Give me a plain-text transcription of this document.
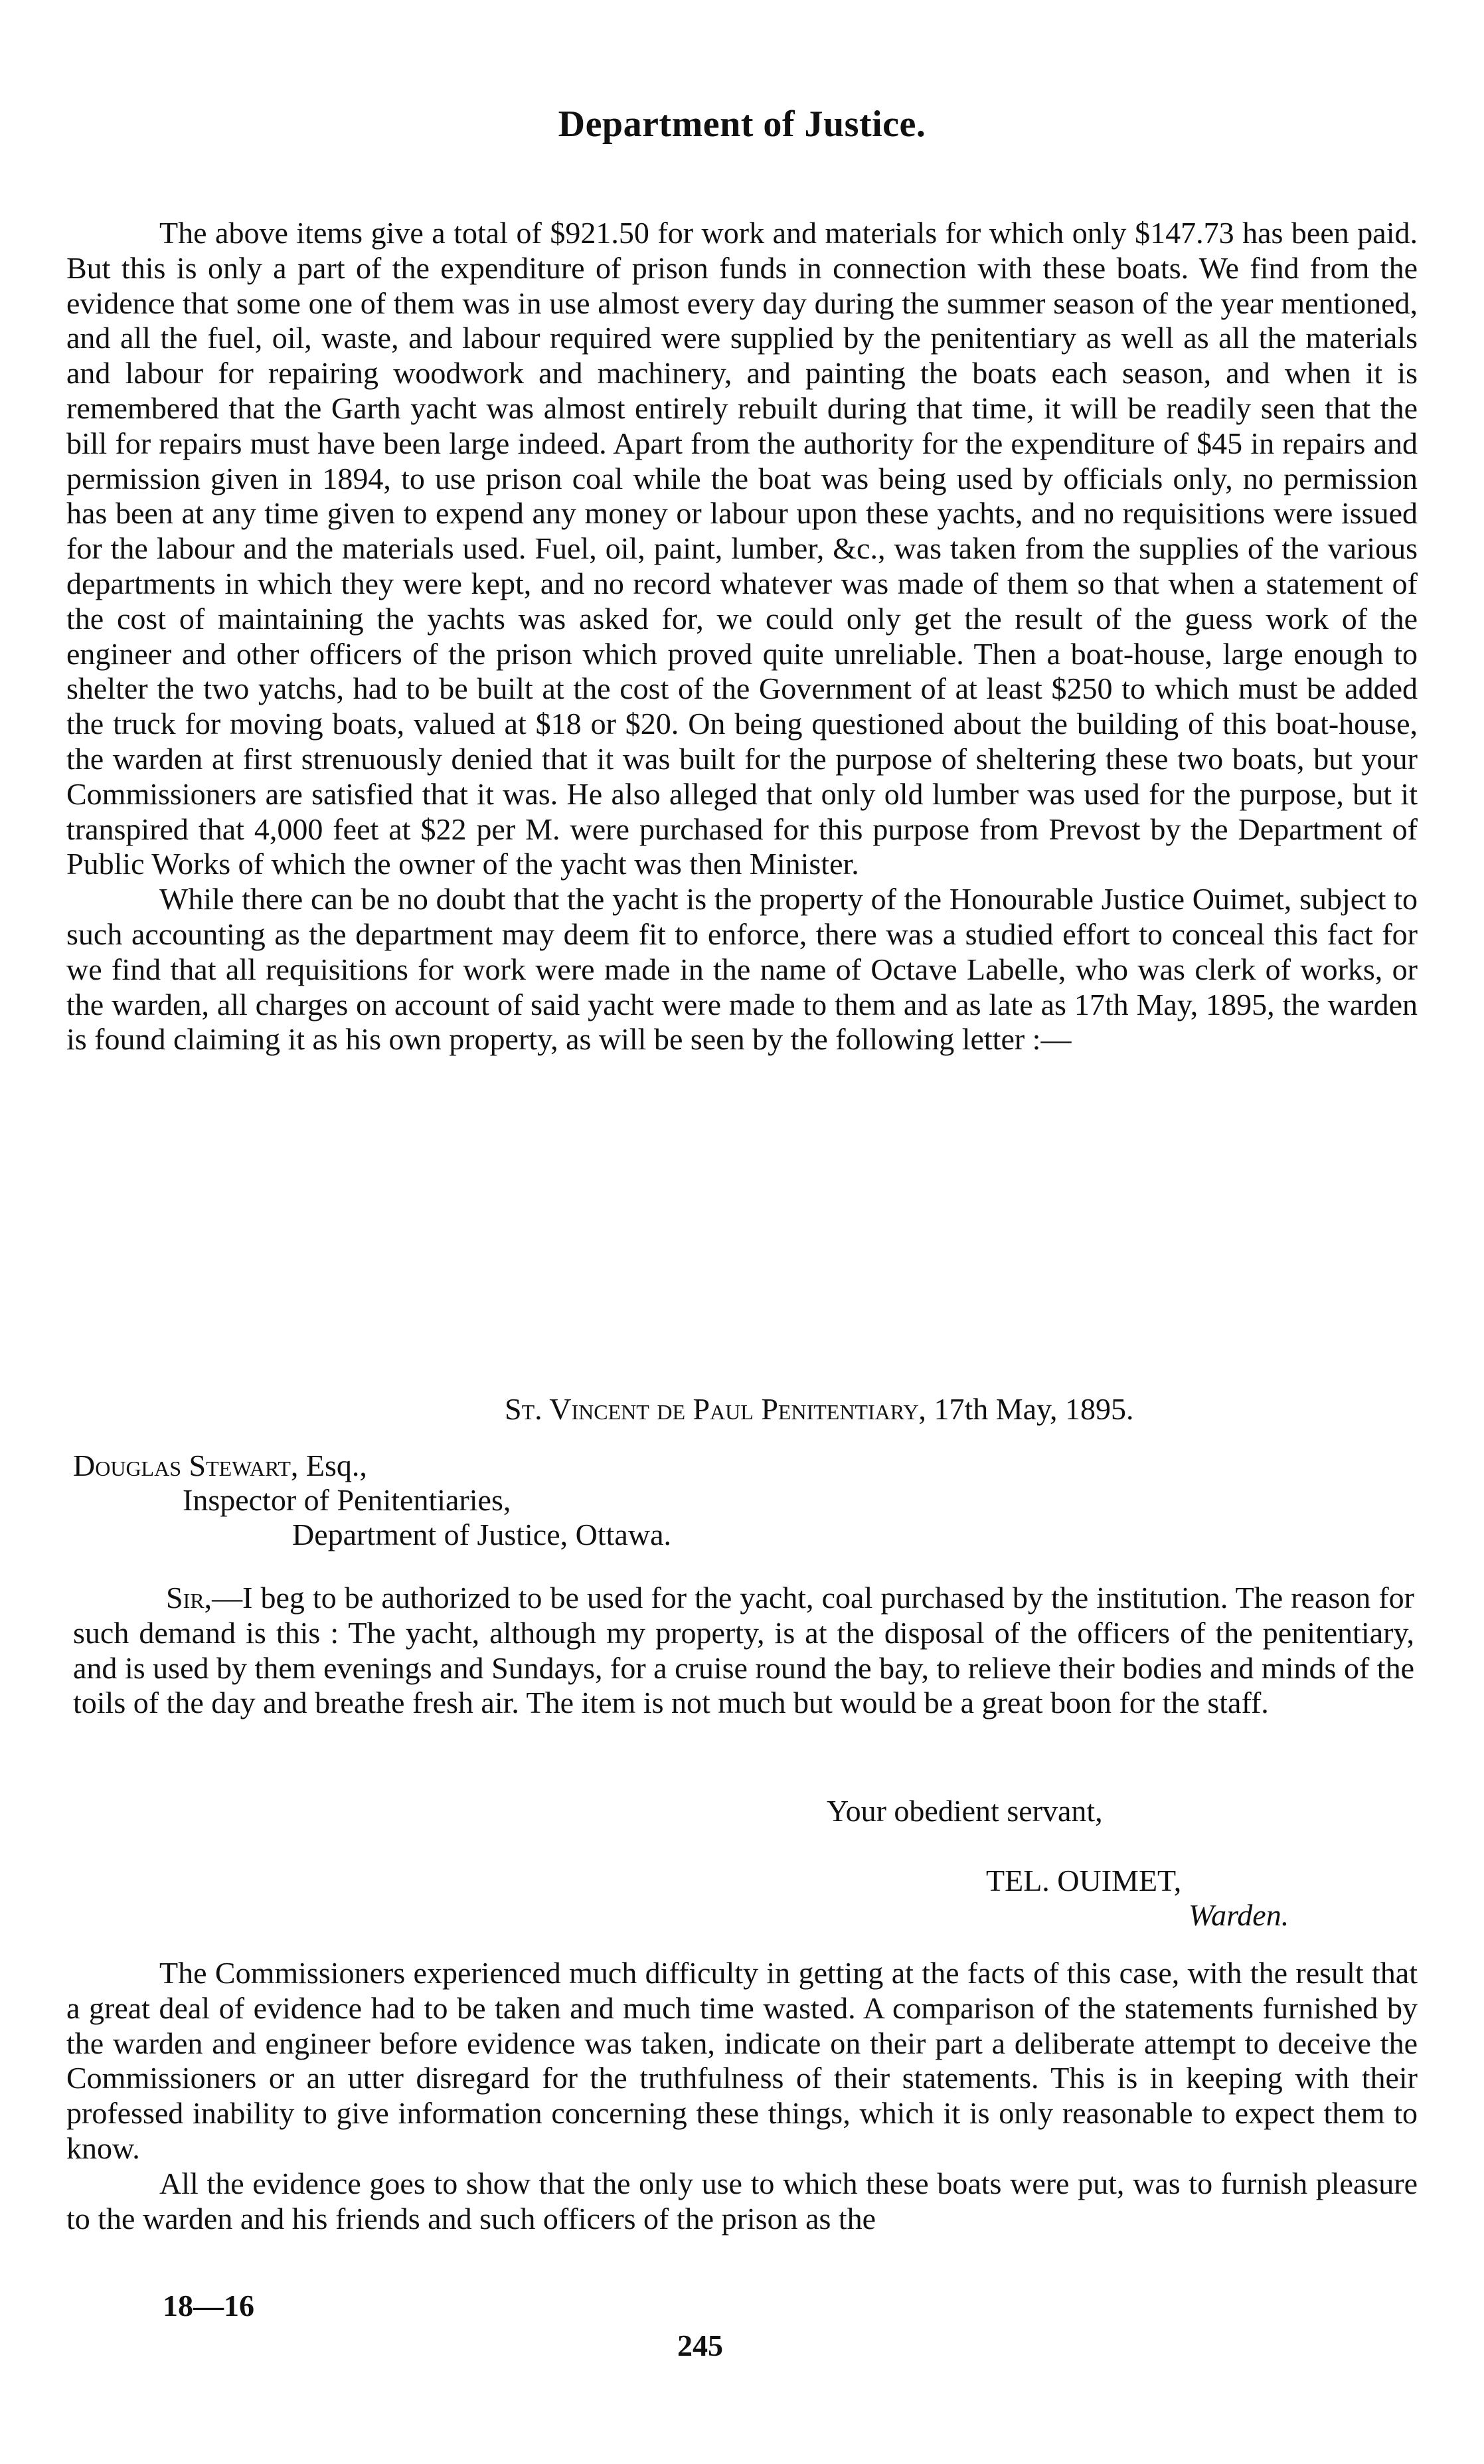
Department of Justice.

The above items give a total of $921.50 for work and materials for which only $147.73 has been paid. But this is only a part of the expenditure of prison funds in connection with these boats. We find from the evidence that some one of them was in use almost every day during the summer season of the year mentioned, and all the fuel, oil, waste, and labour required were supplied by the penitentiary as well as all the materials and labour for repairing woodwork and machinery, and painting the boats each season, and when it is remembered that the Garth yacht was almost entirely rebuilt during that time, it will be readily seen that the bill for repairs must have been large indeed. Apart from the authority for the expenditure of $45 in repairs and permission given in 1894, to use prison coal while the boat was being used by officials only, no permission has been at any time given to expend any money or labour upon these yachts, and no requisitions were issued for the labour and the materials used. Fuel, oil, paint, lumber, &c., was taken from the supplies of the various departments in which they were kept, and no record whatever was made of them so that when a statement of the cost of maintaining the yachts was asked for, we could only get the result of the guess work of the engineer and other officers of the prison which proved quite unreliable. Then a boat-house, large enough to shelter the two yatchs, had to be built at the cost of the Government of at least $250 to which must be added the truck for moving boats, valued at $18 or $20. On being questioned about the building of this boat-house, the warden at first strenuously denied that it was built for the purpose of sheltering these two boats, but your Commissioners are satisfied that it was. He also alleged that only old lumber was used for the purpose, but it transpired that 4,000 feet at $22 per M. were purchased for this purpose from Prevost by the Department of Public Works of which the owner of the yacht was then Minister.

While there can be no doubt that the yacht is the property of the Honourable Justice Ouimet, subject to such accounting as the department may deem fit to enforce, there was a studied effort to conceal this fact for we find that all requisitions for work were made in the name of Octave Labelle, who was clerk of works, or the warden, all charges on account of said yacht were made to them and as late as 17th May, 1895, the warden is found claiming it as his own property, as will be seen by the following letter :—

St. Vincent de Paul Penitentiary, 17th May, 1895.
Douglas Stewart, Esq.,
Inspector of Penitentiaries,
Department of Justice, Ottawa.

Sir,—I beg to be authorized to be used for the yacht, coal purchased by the institution. The reason for such demand is this : The yacht, although my property, is at the disposal of the officers of the penitentiary, and is used by them evenings and Sundays, for a cruise round the bay, to relieve their bodies and minds of the toils of the day and breathe fresh air. The item is not much but would be a great boon for the staff.

Your obedient servant,
TEL. OUIMET,
Warden.

The Commissioners experienced much difficulty in getting at the facts of this case, with the result that a great deal of evidence had to be taken and much time wasted. A comparison of the statements furnished by the warden and engineer before evidence was taken, indicate on their part a deliberate attempt to deceive the Commissioners or an utter disregard for the truthfulness of their statements. This is in keeping with their professed inability to give information concerning these things, which it is only reasonable to expect them to know.

All the evidence goes to show that the only use to which these boats were put, was to furnish pleasure to the warden and his friends and such officers of the prison as the

18—16
245
